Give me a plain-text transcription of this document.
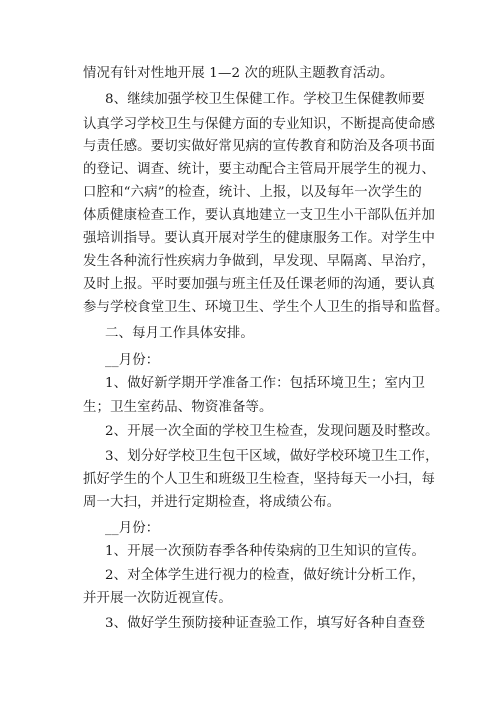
情况有针对性地开展 1—2 次的班队主题教育活动。
8、继续加强学校卫生保健工作。学校卫生保健教师要
认真学习学校卫生与保健方面的专业知识，不断提高使命感
与责任感。要切实做好常见病的宣传教育和防治及各项书面
的登记、调查、统计，要主动配合主管局开展学生的视力、
口腔和“六病”的检查，统计、上报，以及每年一次学生的
体质健康检查工作，要认真地建立一支卫生小干部队伍并加
强培训指导。要认真开展对学生的健康服务工作。对学生中
发生各种流行性疾病力争做到，早发现、早隔离、早治疗，
及时上报。平时要加强与班主任及任课老师的沟通，要认真
参与学校食堂卫生、环境卫生、学生个人卫生的指导和监督。
二、每月工作具体安排。
__月份：
1、做好新学期开学准备工作：包括环境卫生；室内卫
生；卫生室药品、物资准备等。
2、开展一次全面的学校卫生检查，发现问题及时整改。
3、划分好学校卫生包干区域，做好学校环境卫生工作，
抓好学生的个人卫生和班级卫生检查，坚持每天一小扫，每
周一大扫，并进行定期检查，将成绩公布。
__月份：
1、开展一次预防春季各种传染病的卫生知识的宣传。
2、对全体学生进行视力的检查，做好统计分析工作，
并开展一次防近视宣传。
3、做好学生预防接种证查验工作，填写好各种自查登
